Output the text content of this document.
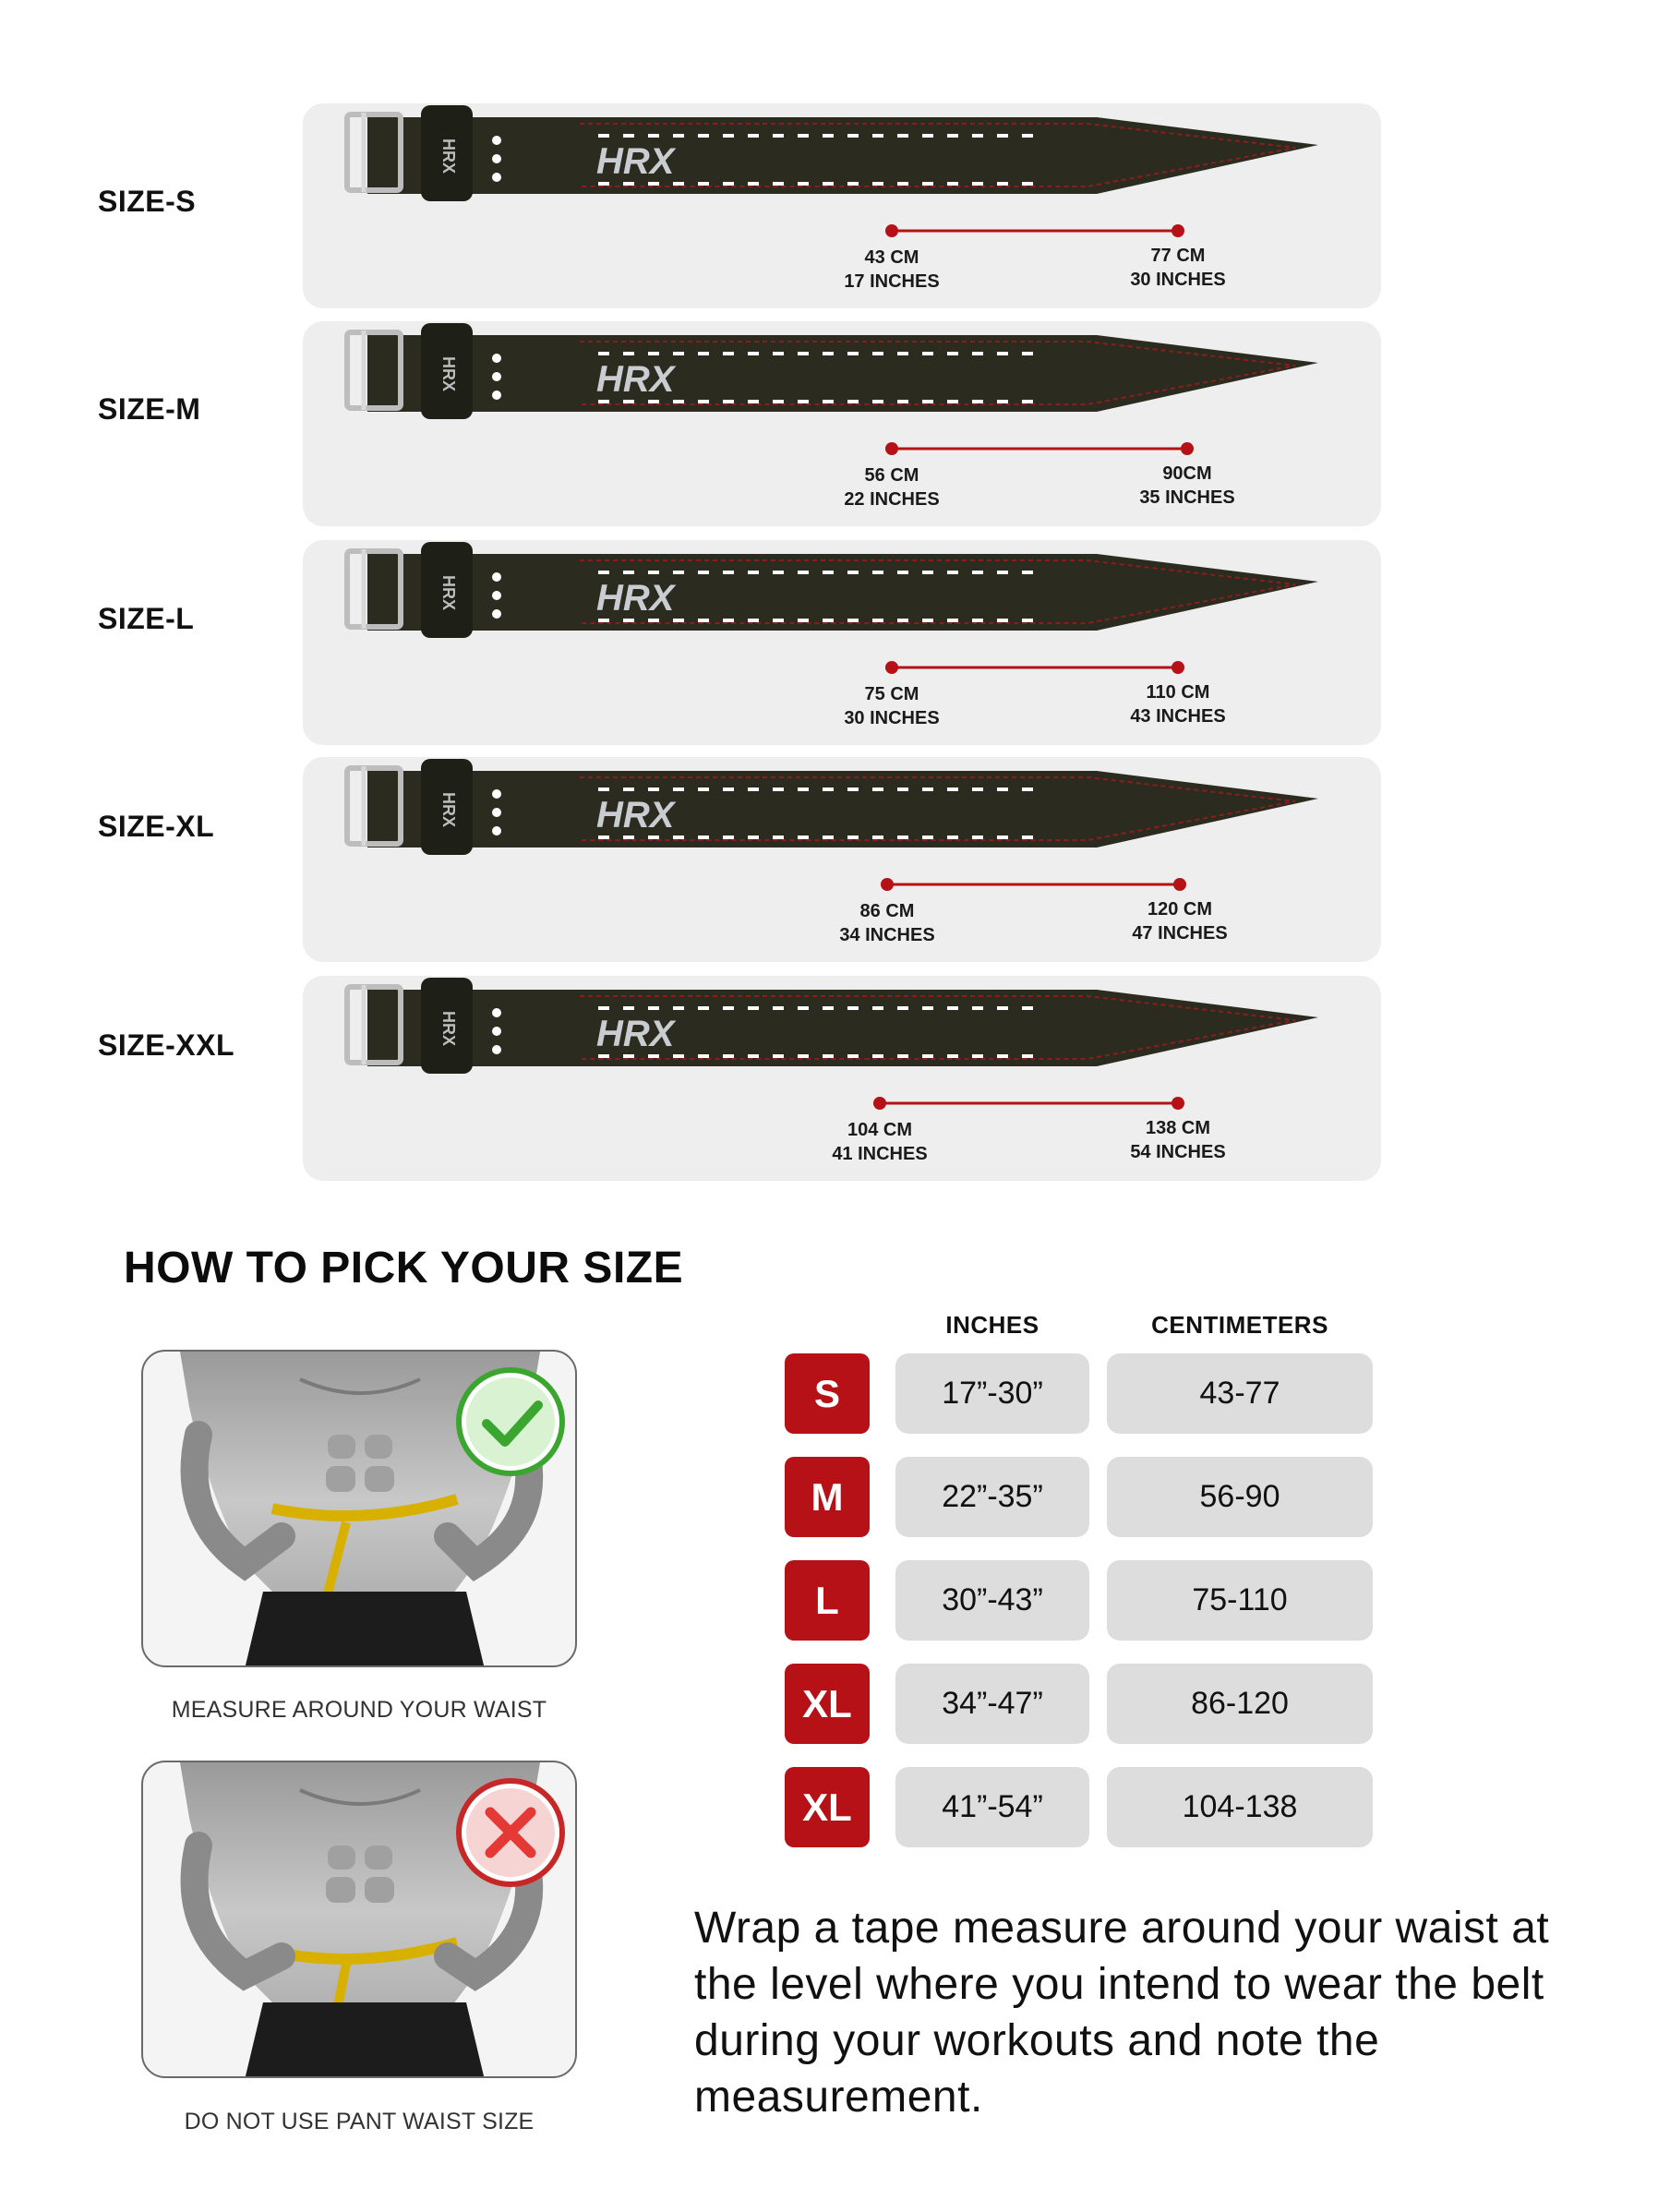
SIZE-S
HRX	HRX
43 CM
17 INCHES
77 CM
30 INCHES
SIZE-M
HRX	HRX
56 CM
22 INCHES
90CM
35 INCHES
SIZE-L
HRX	HRX
75 CM
30 INCHES
110 CM
43 INCHES
SIZE-XL	HRX	HRX
86 CM
34 INCHES
120 CM
47 INCHES
SIZE-XXL	HRX	HRX
104 CM
41 INCHES
138 CM
54 INCHES
HOW TO PICK YOUR SIZE
MEASURE AROUND YOUR WAIST
DO NOT USE PANT WAIST SIZE
INCHES	CENTIMETERS
S	17”-30”	43-77
M	22”-35”	56-90
L	30”-43”	75-110
XL	34”-47”	86-120
XL	41”-54”	104-138
Wrap a tape measure around your waist at the level where you intend to wear the belt during your workouts and note the measurement.
